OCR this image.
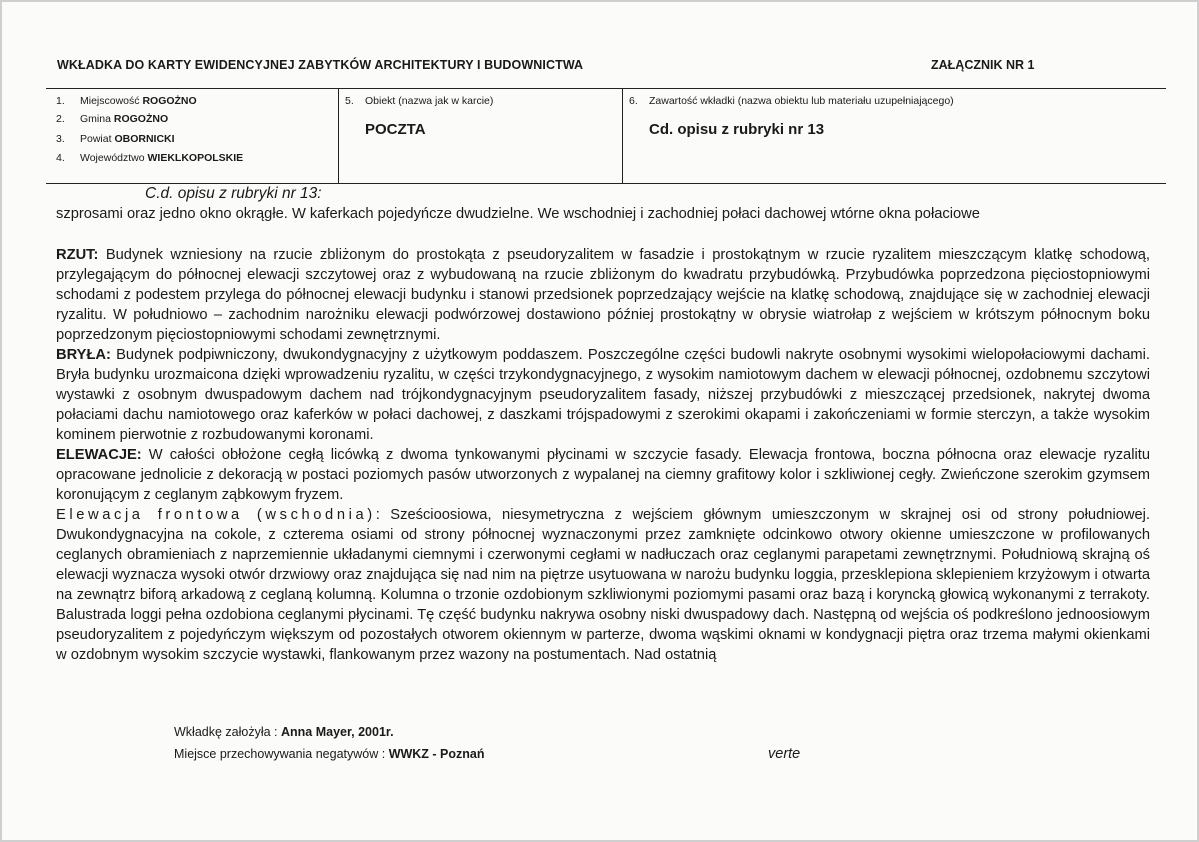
WKŁADKA DO KARTY EWIDENCYJNEJ ZABYTKÓW ARCHITEKTURY I BUDOWNICTWA	ZAŁĄCZNIK NR 1
1. Miejscowość ROGOŻNO
2. Gmina ROGOŻNO
3. Powiat OBORNICKI
4. Województwo WIEKLKOPOLSKIE
5. Obiekt (nazwa jak w karcie)
POCZTA
6. Zawartość wkładki (nazwa obiektu lub materiału uzupełniającego)
Cd. opisu z rubryki nr 13
C.d. opisu z rubryki nr 13:

szprosami oraz jedno okno okrągłe. W kaferkach pojedyńcze dwudzielne. We wschodniej i zachodniej połaci dachowej wtórne okna połaciowe

RZUT: Budynek wzniesiony na rzucie zbliżonym do prostokąta z pseudoryzalitem w fasadzie i prostokątnym w rzucie ryzalitem mieszczącym klatkę schodową, przylegającym do północnej elewacji szczytowej oraz z wybudowaną na rzucie zbliżonym do kwadratu przybudówką. Przybudówka poprzedzona pięciostopniowymi schodami z podestem przylega do północnej elewacji budynku i stanowi przedsionek poprzedzający wejście na klatkę schodową, znajdujące się w zachodniej elewacji ryzalitu. W południowo – zachodnim narożniku elewacji podwórzowej dostawiono później prostokątny w obrysie wiatrołap z wejściem w krótszym północnym boku poprzedzonym pięciostopniowymi schodami zewnętrznymi.

BRYŁA: Budynek podpiwniczony, dwukondygnacyjny z użytkowym poddaszem. Poszczególne części budowli nakryte osobnymi wysokimi wielopołaciowymi dachami. Bryła budynku urozmaicona dzięki wprowadzeniu ryzalitu, w części trzykondygnacyjnego, z wysokim namiotowym dachem w elewacji północnej, ozdobnemu szczytowi wystawki z osobnym dwuspadowym dachem nad trójkondygnacyjnym pseudoryzalitem fasady, niższej przybudówki z mieszczącej przedsionek, nakrytej dwoma połaciami dachu namiotowego oraz kaferków w połaci dachowej, z daszkami trójspadowymi z szerokimi okapami i zakończeniami w formie sterczyn, a także wysokim kominem pierwotnie z rozbudowanymi koronami.

ELEWACJE: W całości obłożone cegłą licówką z dwoma tynkowanymi płycinami w szczycie fasady. Elewacja frontowa, boczna północna oraz elewacje ryzalitu opracowane jednolicie z dekoracją w postaci poziomych pasów utworzonych z wypalanej na ciemny grafitowy kolor i szkliwionej cegły. Zwieńczone szerokim gzymsem koronującym z ceglanym ząbkowym fryzem.

Elewacja frontowa (wschodnia): Sześcioosiowa, niesymetryczna z wejściem głównym umieszczonym w skrajnej osi od strony południowej. Dwukondygnacyjna na cokole, z czterema osiami od strony północnej wyznaczonymi przez zamknięte odcinkowo otwory okienne umieszczone w profilowanych ceglanych obramieniach z naprzemiennie układanymi ciemnymi i czerwonymi cegłami w nadłuczach oraz ceglanymi parapetami zewnętrznymi. Południową skrajną oś elewacji wyznacza wysoki otwór drzwiowy oraz znajdująca się nad nim na piętrze usytuowana w narożu budynku loggia, przesklepiona sklepieniem krzyżowym i otwarta na zewnątrz biforą arkadową z ceglaną kolumną. Kolumna o trzonie ozdobionym szkliwionymi poziomymi pasami oraz bazą i koryncką głowicą wykonanymi z terrakoty. Balustrada loggi pełna ozdobiona ceglanymi płycinami. Tę część budynku nakrywa osobny niski dwuspadowy dach. Następną od wejścia oś podkreślono jednoosiowym pseudoryzalitem z pojedyńczym większym od pozostałych otworem okiennym w parterze, dwoma wąskimi oknami w kondygnacji piętra oraz trzema małymi okienkami w ozdobnym wysokim szczycie wystawki, flankowanym przez wazony na postumentach. Nad ostatnią

Wkładkę założyła : Anna Mayer, 2001r.
Miejsce przechowywania negatywów : WWKZ - Poznań	verte
